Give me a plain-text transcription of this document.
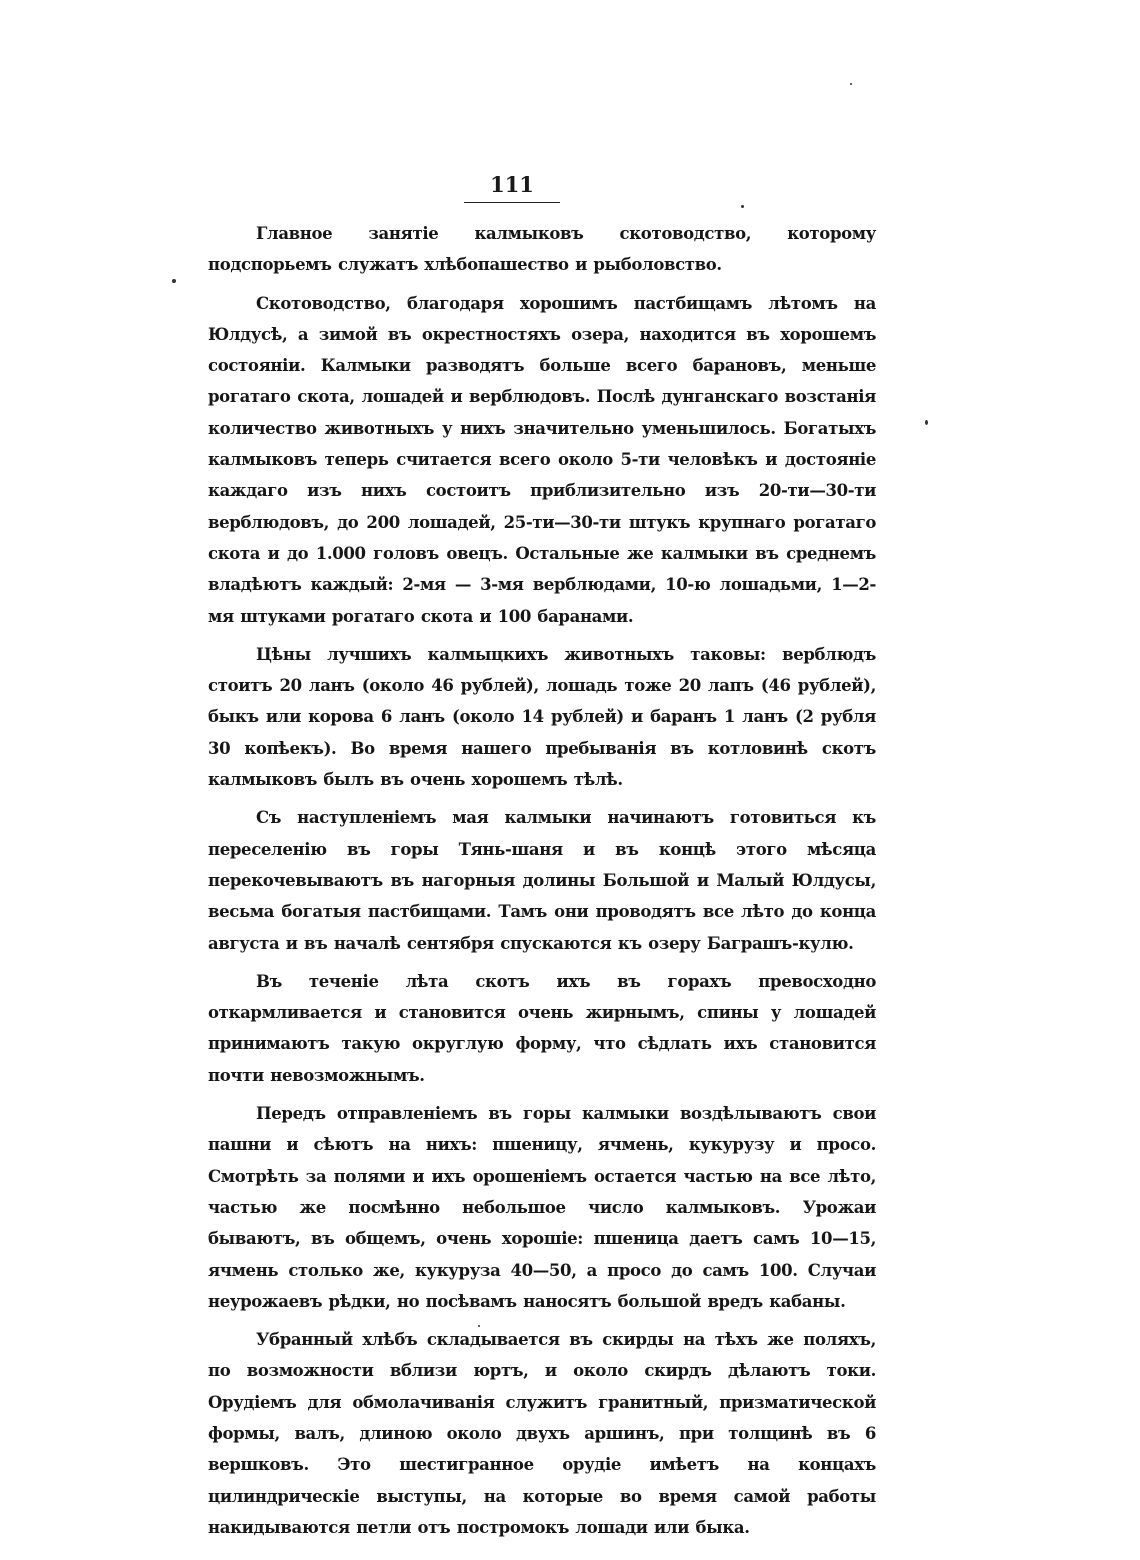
111

Главное занятіе калмыковъ скотоводство, которому подспорьемъ служатъ хлѣбопашество и рыболовство.

Скотоводство, благодаря хорошимъ пастбищамъ лѣтомъ на Юлдусѣ, а зимой въ окрестностяхъ озера, находится въ хорошемъ состояніи. Калмыки разводятъ больше всего барановъ, меньше рогатаго скота, лошадей и верблюдовъ. Послѣ дунганскаго возстанія количество животныхъ у нихъ значительно уменьшилось. Богатыхъ калмыковъ теперь считается всего около 5-ти человѣкъ и достояніе каждаго изъ нихъ состоитъ приблизительно изъ 20-ти—30-ти верблюдовъ, до 200 лошадей, 25-ти—30-ти штукъ крупнаго рогатаго скота и до 1.000 головъ овецъ. Остальные же калмыки въ среднемъ владѣютъ каждый: 2-мя — 3-мя верблюдами, 10-ю лошадьми, 1—2-мя штуками рогатаго скота и 100 баранами.

Цѣны лучшихъ калмыцкихъ животныхъ таковы: верблюдъ стоитъ 20 ланъ (около 46 рублей), лошадь тоже 20 лапъ (46 рублей), быкъ или корова 6 ланъ (около 14 рублей) и баранъ 1 ланъ (2 рубля 30 копѣекъ). Во время нашего пребыванія въ котловинѣ скотъ калмыковъ былъ въ очень хорошемъ тѣлѣ.

Съ наступленіемъ мая калмыки начинаютъ готовиться къ переселенію въ горы Тянь-шаня и въ концѣ этого мѣсяца перекочевываютъ въ нагорныя долины Большой и Малый Юлдусы, весьма богатыя пастбищами. Тамъ они проводятъ все лѣто до конца августа и въ началѣ сентября спускаются къ озеру Баграшъ-кулю.

Въ теченіе лѣта скотъ ихъ въ горахъ превосходно откармливается и становится очень жирнымъ, спины у лошадей принимаютъ такую округлую форму, что сѣдлать ихъ становится почти невозможнымъ.

Передъ отправленіемъ въ горы калмыки воздѣлываютъ свои пашни и сѣютъ на нихъ: пшеницу, ячмень, кукурузу и просо. Смотрѣть за полями и ихъ орошеніемъ остается частью на все лѣто, частью же посмѣнно небольшое число калмыковъ. Урожаи бываютъ, въ общемъ, очень хорошіе: пшеница даетъ самъ 10—15, ячмень столько же, кукуруза 40—50, а просо до самъ 100. Случаи неурожаевъ рѣдки, но посѣвамъ наносятъ большой вредъ кабаны.

Убранный хлѣбъ складывается въ скирды на тѣхъ же поляхъ, по возможности вблизи юртъ, и около скирдъ дѣлаютъ токи. Орудіемъ для обмолачиванія служитъ гранитный, призматической формы, валъ, длиною около двухъ аршинъ, при толщинѣ въ 6 вершковъ. Это шестигранное орудіе имѣетъ на концахъ цилиндрическіе выступы, на которые во время самой работы накидываются петли отъ постромокъ лошади или быка.
